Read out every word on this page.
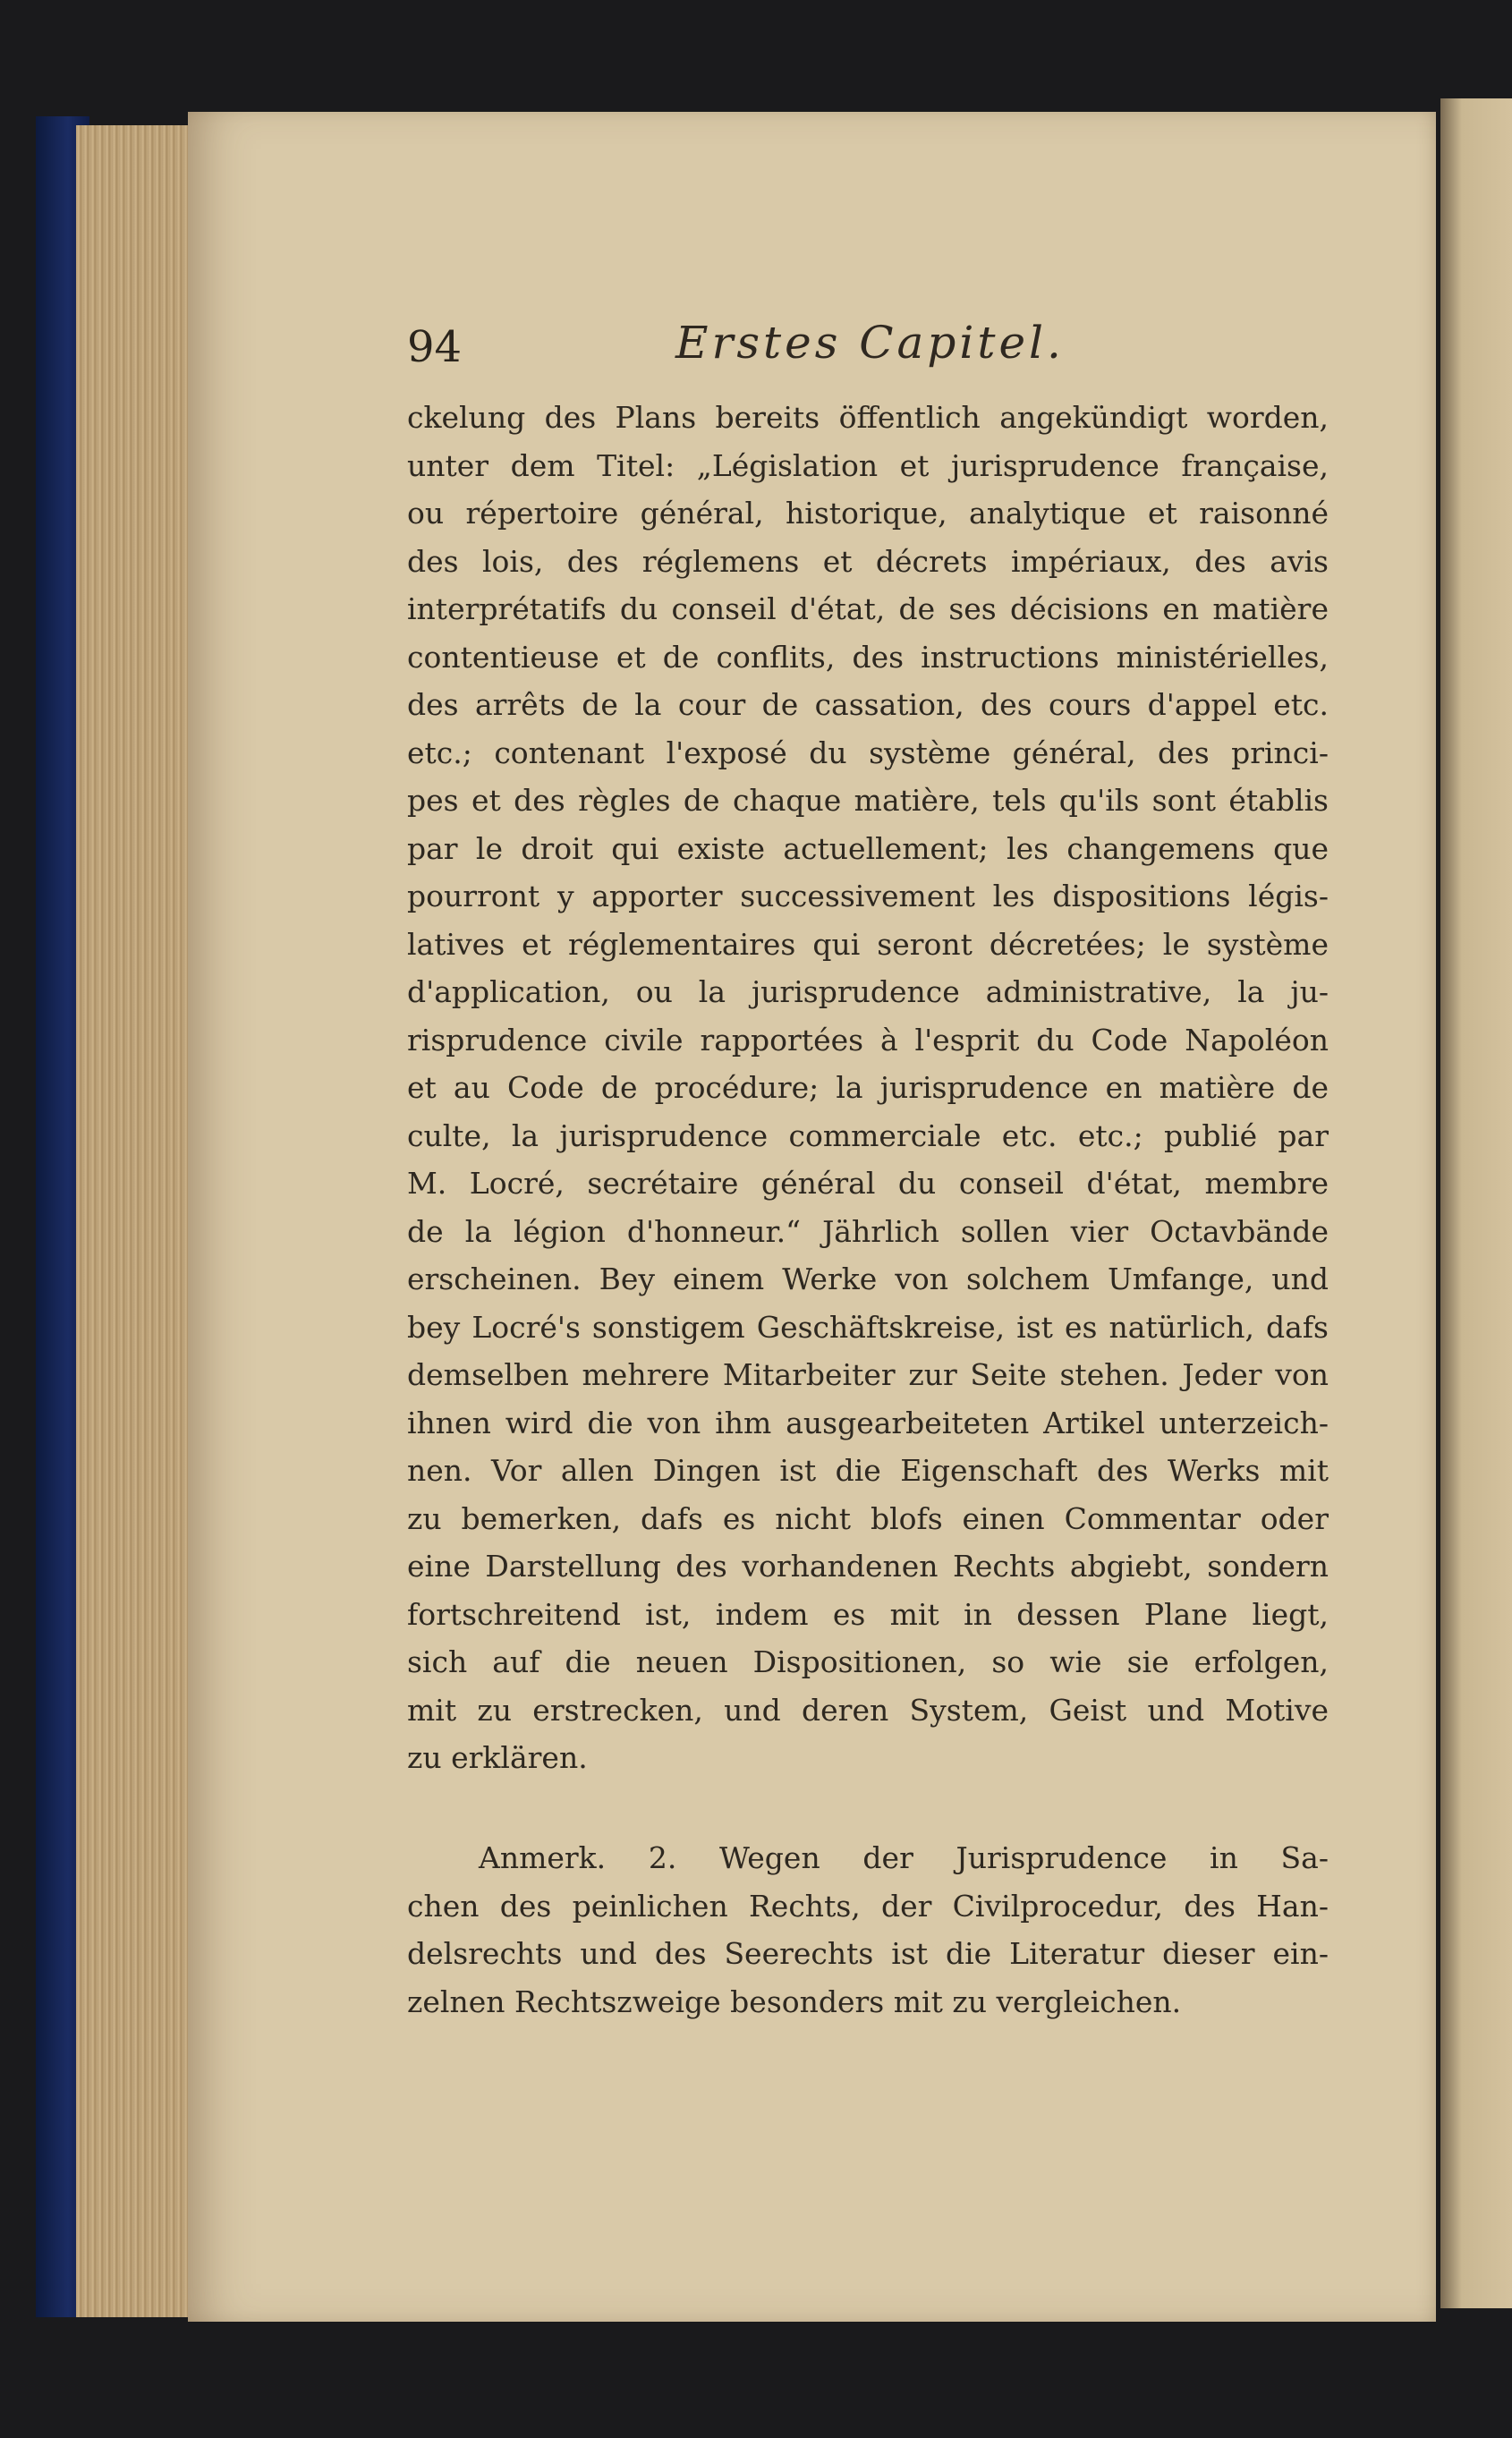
94	Erstes Capitel.
ckelung des Plans bereits öffentlich angekündigt worden,
unter dem Titel: „Législation et jurisprudence française,
ou répertoire général, historique, analytique et raisonné
des lois, des réglemens et décrets impériaux, des avis
interprétatifs du conseil d'état, de ses décisions en matière
contentieuse et de conflits, des instructions ministérielles,
des arrêts de la cour de cassation, des cours d'appel etc.
etc.; contenant l'exposé du système général, des princi-
pes et des règles de chaque matière, tels qu'ils sont établis
par le droit qui existe actuellement; les changemens que
pourront y apporter successivement les dispositions légis-
latives et réglementaires qui seront décretées; le système
d'application, ou la jurisprudence administrative, la ju-
risprudence civile rapportées à l'esprit du Code Napoléon
et au Code de procédure; la jurisprudence en matière de
culte, la jurisprudence commerciale etc. etc.; publié par
M. Locré, secrétaire général du conseil d'état, membre
de la légion d'honneur.“ Jährlich sollen vier Octavbände
erscheinen. Bey einem Werke von solchem Umfange, und
bey Locré's sonstigem Geschäftskreise, ist es natürlich, dafs
demselben mehrere Mitarbeiter zur Seite stehen. Jeder von
ihnen wird die von ihm ausgearbeiteten Artikel unterzeich-
nen. Vor allen Dingen ist die Eigenschaft des Werks mit
zu bemerken, dafs es nicht blofs einen Commentar oder
eine Darstellung des vorhandenen Rechts abgiebt, sondern
fortschreitend ist, indem es mit in dessen Plane liegt,
sich auf die neuen Dispositionen, so wie sie erfolgen,
mit zu erstrecken, und deren System, Geist und Motive
zu erklären.
Anmerk. 2. Wegen der Jurisprudence in Sa-
chen des peinlichen Rechts, der Civilprocedur, des Han-
delsrechts und des Seerechts ist die Literatur dieser ein-
zelnen Rechtszweige besonders mit zu vergleichen.
